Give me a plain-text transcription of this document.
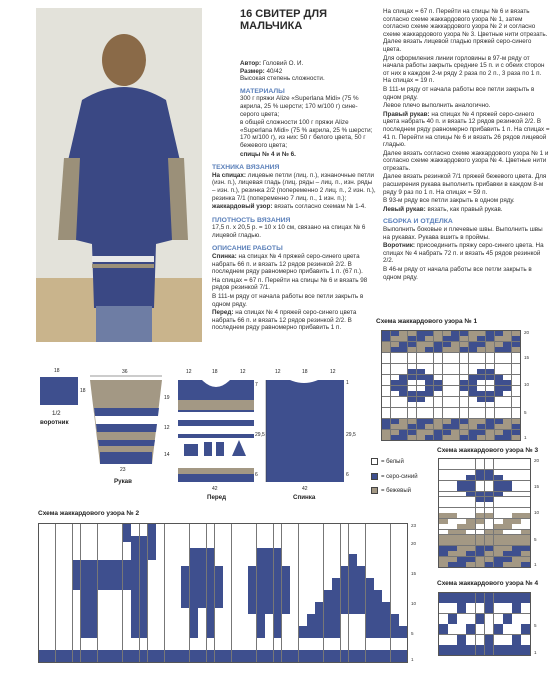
16 СВИТЕР ДЛЯ МАЛЬЧИКА
Автор: Головий О. И.
Размер: 40/42
Высокая степень сложности.
МАТЕРИАЛЫ
300 г пряжи Alize «Superlana Midi» (75 % акрила, 25 % шерсти; 170 м/100 г) сине-серого цвета;
в общей сложности 100 г пряжи Alize «Superlana Midi» (75 % акрила, 25 % шерсти; 170 м/100 г), из них: 50 г белого цвета, 50 г бежевого цвета;
спицы № 4 и № 6.
ТЕХНИКА ВЯЗАНИЯ
На спицах: лицевые петли (лиц. п.), изнаночные петли (изн. п.), лицевая гладь (лиц. ряды – лиц. п., изн. ряды – изн. п.), резинка 2/2 (попеременно 2 лиц. п., 2 изн. п.), резинка 7/1 (попеременно 7 лиц. п., 1 изн. п.);
жаккардовый узор: вязать согласно схемам № 1-4.
ПЛОТНОСТЬ ВЯЗАНИЯ
17,5 п. х 20,5 р. = 10 х 10 см, связано на спицах № 6 лицевой гладью.
ОПИСАНИЕ РАБОТЫ
Спинка: на спицах № 4 пряжей серо-синего цвета набрать 66 п. и вязать 12 рядов резинкой 2/2. В последнем ряду равномерно прибавить 1 п. (67 п.).
На спицах = 67 п. Перейти на спицы № 6 и вязать 98 рядов резинкой 7/1.
В 111-м ряду от начала работы все петли закрыть в одном ряду.
Перед: на спицах № 4 пряжей серо-синего цвета набрать 66 п. и вязать 12 рядов резинкой 2/2. В последнем ряду равномерно прибавить 1 п.
На спицах = 67 п. Перейти на спицы № 6 и вязать согласно схеме жаккардового узора № 1, затем согласно схеме жаккардового узора № 2 и согласно схеме жаккардового узора № 3. Цветные нити отрезать. Далее вязать лицевой гладью пряжей серо-синего цвета.
Для оформления линии горловины в 97-м ряду от начала работы закрыть средние 15 п. и с обеих сторон от них в каждом 2-м ряду 2 раза по 2 п., 3 раза по 1 п. На спицах = 19 п.
В 111-м ряду от начала работы все петли закрыть в одном ряду.
Левое плечо выполнить аналогично.
Правый рукав: на спицах № 4 пряжей серо-синего цвета набрать 40 п. и вязать 12 рядов резинкой 2/2. В последнем ряду равномерно прибавить 1 п. На спицах = 41 п. Перейти на спицы № 6 и вязать 26 рядов лицевой гладью.
Далее вязать согласно схеме жаккардового узора № 1 и согласно схеме жаккардового узора № 4. Цветные нити отрезать.
Далее вязать резинкой 7/1 пряжей бежевого цвета. Для расширения рукава выполнить прибавки в каждом 8-м ряду 9 раз по 1 п. На спицах = 59 п.
В 93-м ряду все петли закрыть в одном ряду.
Левый рукав: вязать, как правый рукав.
СБОРКА И ОТДЕЛКА
Выполнить боковые и плечевые швы. Выполнить швы на рукавах. Рукава вшить в проймы.
Воротник: присоединить пряжу серо-синего цвета. На спицах № 4 набрать 72 п. и вязать 45 рядов резинкой 2/2.
В 46-м ряду от начала работы все петли закрыть в одном ряду.
Схема жаккардового узора № 1
20
15
10
5
1
= белый
= серо-синий
= бежевый
Схема жаккардового узора № 3
20
15
10
5
1
Схема жаккардового узора № 4
5
1
Схема жаккардового узора № 2
23
20
15
10
5
1
18
18
1/2
воротник
36
19
12
14
23
Рукав
12	18	12
7
29,5
6
42
Перед
12	18	12
1
29,5
6
42
Спинка
